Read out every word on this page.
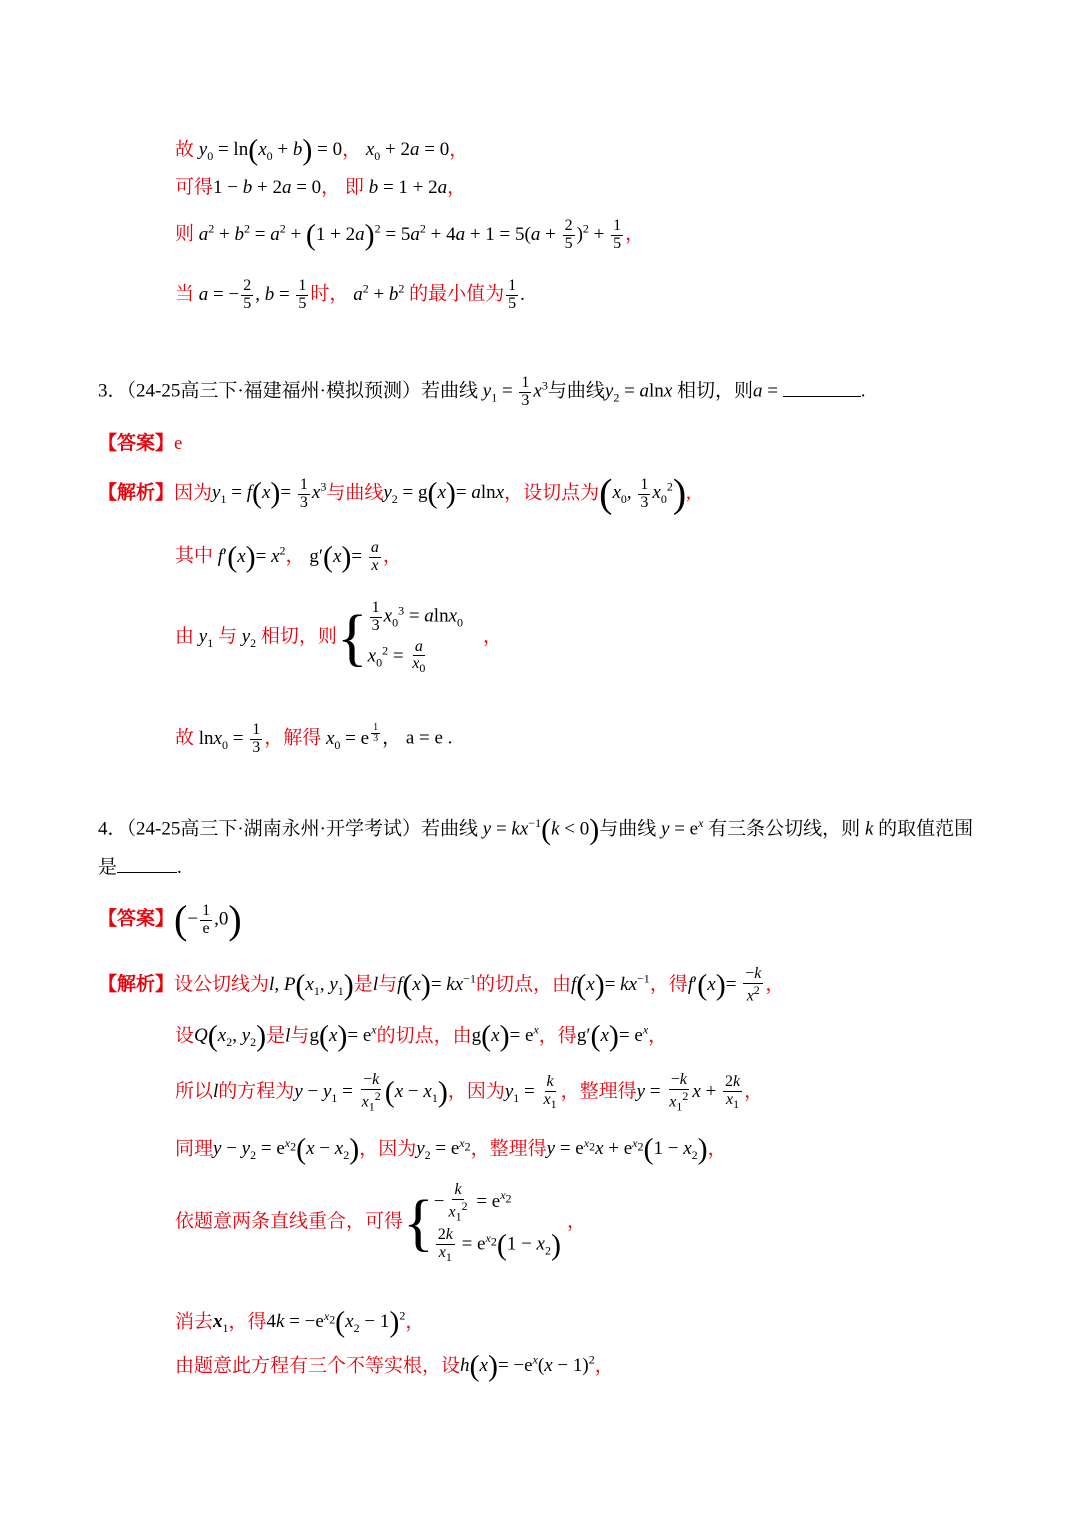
故 $y_0 = \ln(x_0 + b) = 0$， $x_0 + 2a = 0$，
可得1 − b + 2a = 0， 即 b = 1 + 2a，
则 $a^2 + b^2 = a^2 + (1 + 2a)^2 = 5a^2 + 4a + 1 = 5(a + \frac{2}{5} )^2 + \frac{1}{5}$ ，
当 a = − $\frac{2}{5}$ , $b = \frac{1}{5}$ 时， $a^2 + b^2$ 的最小值为 $\frac{1}{5}$ .
3．（24-25高三下·福建福州·模拟预测）若曲线 $y_1 = \frac{1}{3} x^3$与曲线$y_2 = alnx$ 相切，则a =	.
【答案】e
【解析】因为$y_1 = f(x)= \frac{1}{3} x^3$与曲线$y_2 = g(x)= alnx$，设切点为($x_0$, $\frac{1}{3} x_0^2$),
其中 $f'(x)= x^2$， $g'(x)= \frac{a}{x}$ ，
由 $y_1$ 与 $y_2$ 相切，则{ $\frac{1}{3} x_0^3 = alnx_0$
$x_0^2 = \frac{a}{x_0}$
，
故 $\ln x_0 = \frac{1}{3}$ ，解得 $x_0 = e$ $^{\frac{1}{3}}$ ， a = e .
4．（24-25高三下·湖南永州·开学考试）若曲线 $y = kx^{-1}(k < 0)$与曲线 $y = e^x$ 有三条公切线，则 k 的取值范围
是	.
【答案】(− $\frac{1}{e} ,0$)
【解析】设公切线为l, $P(x_1$, $y_1$)是l与$f(x)= kx^{-1}$的切点，由$f(x)= kx^{-1}$，得$f'(x)= \frac{-k}{x^2}$ ，
设$Q(x_2$, $y_2$)是l与$g(x)= e^x$的切点，由$g(x)= e^x$，得$g'(x)= e^x$，
所以l的方程为$y - y_1 = \frac{-k}{x_1^2} (x - x_1)$，因为$y_1 = \frac{k}{x_1}$ ，整理得$y = \frac{-k}{x_1^2}$ $x + \frac{2k}{x_1}$ ，
同理$y - y_2 = e^{x_2}(x - x_2)$，因为$y_2 = e^{x_2}$，整理得$y = e^{x_2}x + e^{x_2}(1 - x_2)$，
依题意两条直线重合，可得{ − $\frac{k}{x_1^2} = e^{x_2}$
$\frac{2k}{x_1} = e^{x_2}(1 - x_2)$
，
消去$x_1$，得$4k = -e^{x_2}(x_2 - 1)^2$，
由题意此方程有三个不等实根，设$h(x)= -e^x(x - 1)^2$，
